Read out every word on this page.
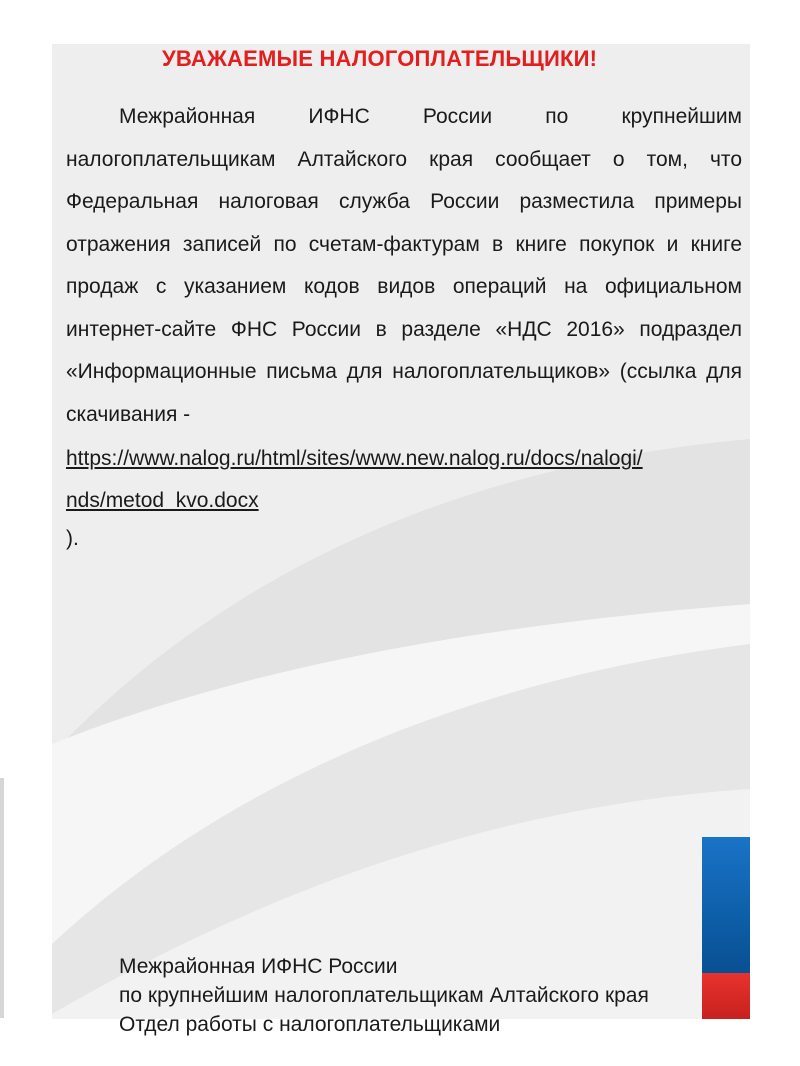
УВАЖАЕМЫЕ НАЛОГОПЛАТЕЛЬЩИКИ!

Межрайонная ИФНС России по крупнейшим налогоплательщикам Алтайского края сообщает о том, что Федеральная налоговая служба России разместила примеры отражения записей по счетам-фактурам в книге покупок и книге продаж с указанием кодов видов операций на официальном интернет-сайте ФНС России в разделе «НДС 2016» подраздел «Информационные письма для налогоплательщиков» (ссылка для скачивания -

https://www.nalog.ru/html/sites/www.new.nalog.ru/docs/nalogi/
nds/metod_kvo.docx
).
Межрайонная ИФНС России
по крупнейшим налогоплательщикам Алтайского края
Отдел работы с налогоплательщиками
